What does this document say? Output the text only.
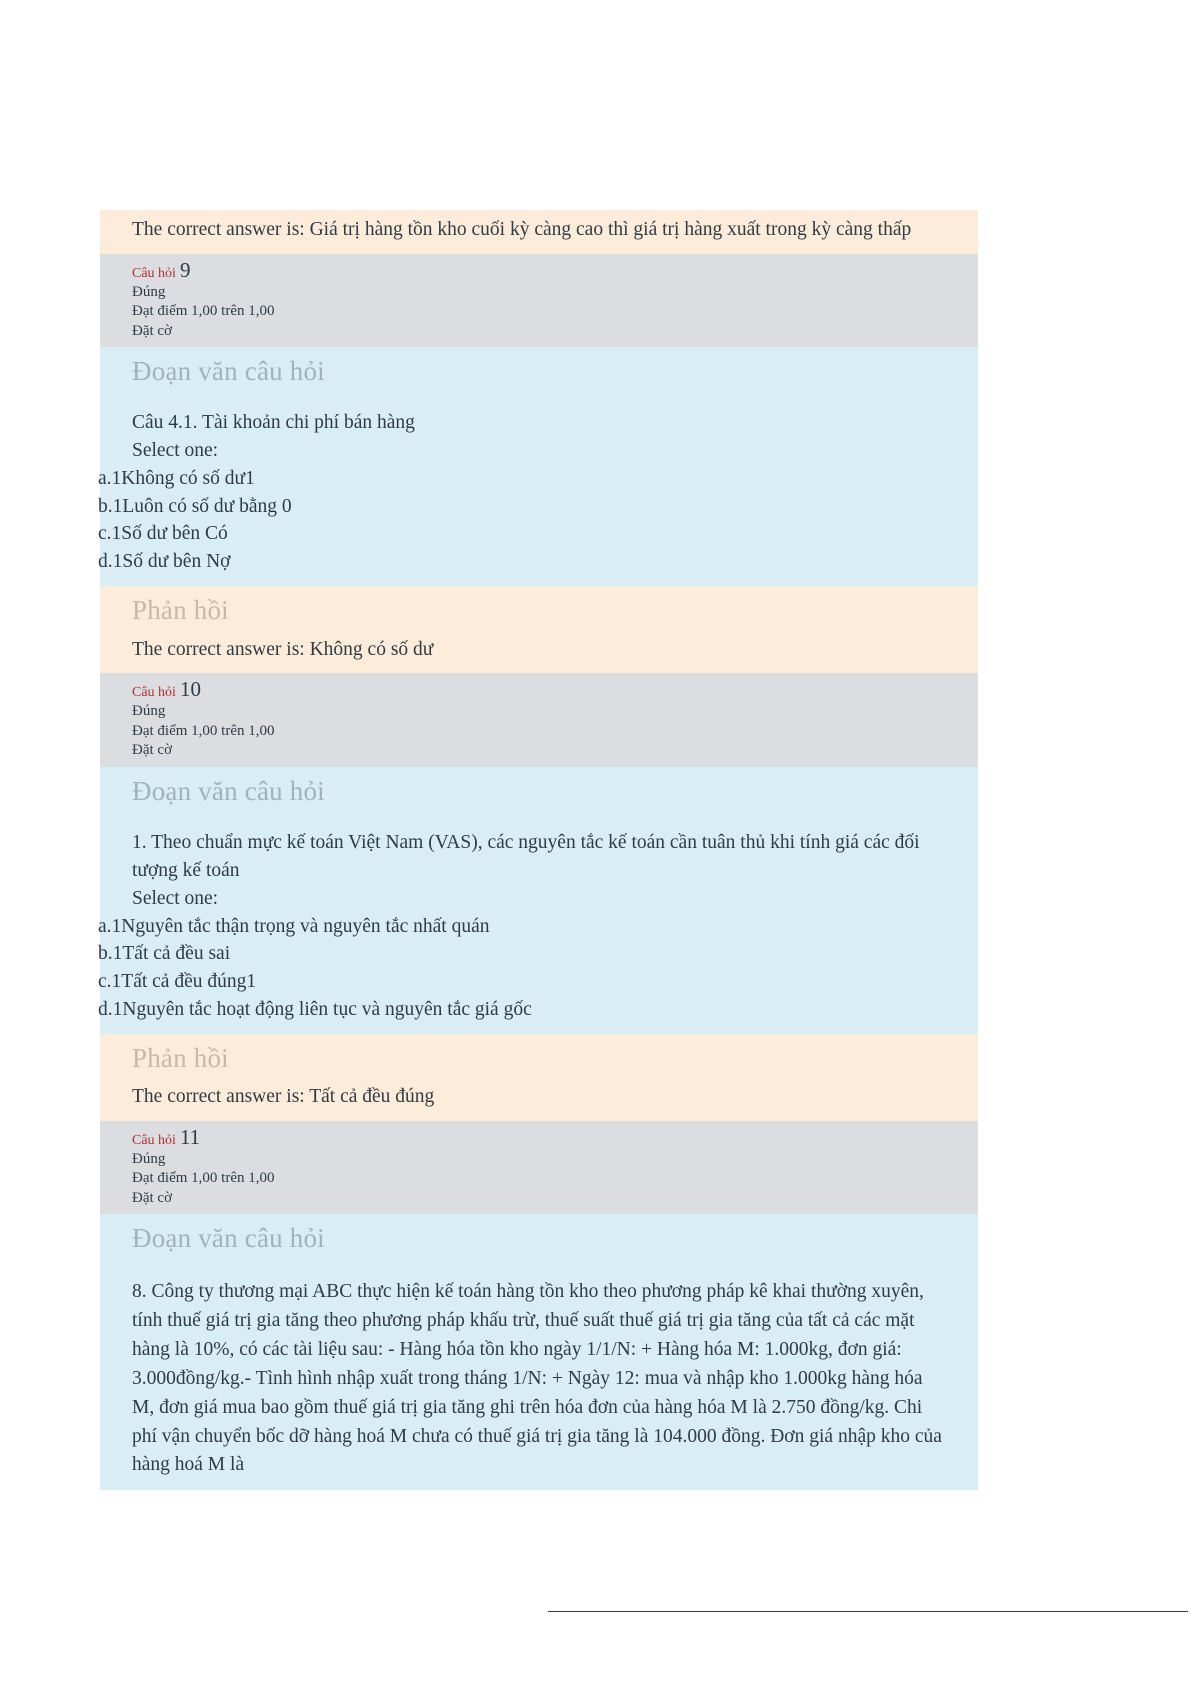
The correct answer is: Giá trị hàng tồn kho cuối kỳ càng cao thì giá trị hàng xuất trong kỳ càng thấp
Câu hỏi 9
Đúng
Đạt điểm 1,00 trên 1,00
Đặt cờ
Đoạn văn câu hỏi
Câu 4.1. Tài khoản chi phí bán hàng
Select one:
a.1Không có số dư1
b.1Luôn có số dư bằng 0
c.1Số dư bên Có
d.1Số dư bên Nợ
Phản hồi
The correct answer is: Không có số dư
Câu hỏi 10
Đúng
Đạt điểm 1,00 trên 1,00
Đặt cờ
Đoạn văn câu hỏi
1. Theo chuẩn mực kế toán Việt Nam (VAS), các nguyên tắc kế toán cần tuân thủ khi tính giá các đối tượng kế toán
Select one:
a.1Nguyên tắc thận trọng và nguyên tắc nhất quán
b.1Tất cả đều sai
c.1Tất cả đều đúng1
d.1Nguyên tắc hoạt động liên tục và nguyên tắc giá gốc
Phản hồi
The correct answer is: Tất cả đều đúng
Câu hỏi 11
Đúng
Đạt điểm 1,00 trên 1,00
Đặt cờ
Đoạn văn câu hỏi
8. Công ty thương mại ABC thực hiện kế toán hàng tồn kho theo phương pháp kê khai thường xuyên, tính thuế giá trị gia tăng theo phương pháp khấu trừ, thuế suất thuế giá trị gia tăng của tất cả các mặt hàng là 10%, có các tài liệu sau: - Hàng hóa tồn kho ngày 1/1/N: + Hàng hóa M: 1.000kg, đơn giá: 3.000đồng/kg.- Tình hình nhập xuất trong tháng 1/N: + Ngày 12: mua và nhập kho 1.000kg hàng hóa M, đơn giá mua bao gồm thuế giá trị gia tăng ghi trên hóa đơn của hàng hóa M là 2.750 đồng/kg. Chi phí vận chuyển bốc dỡ hàng hoá M chưa có thuế giá trị gia tăng là 104.000 đồng. Đơn giá nhập kho của hàng hoá M là
